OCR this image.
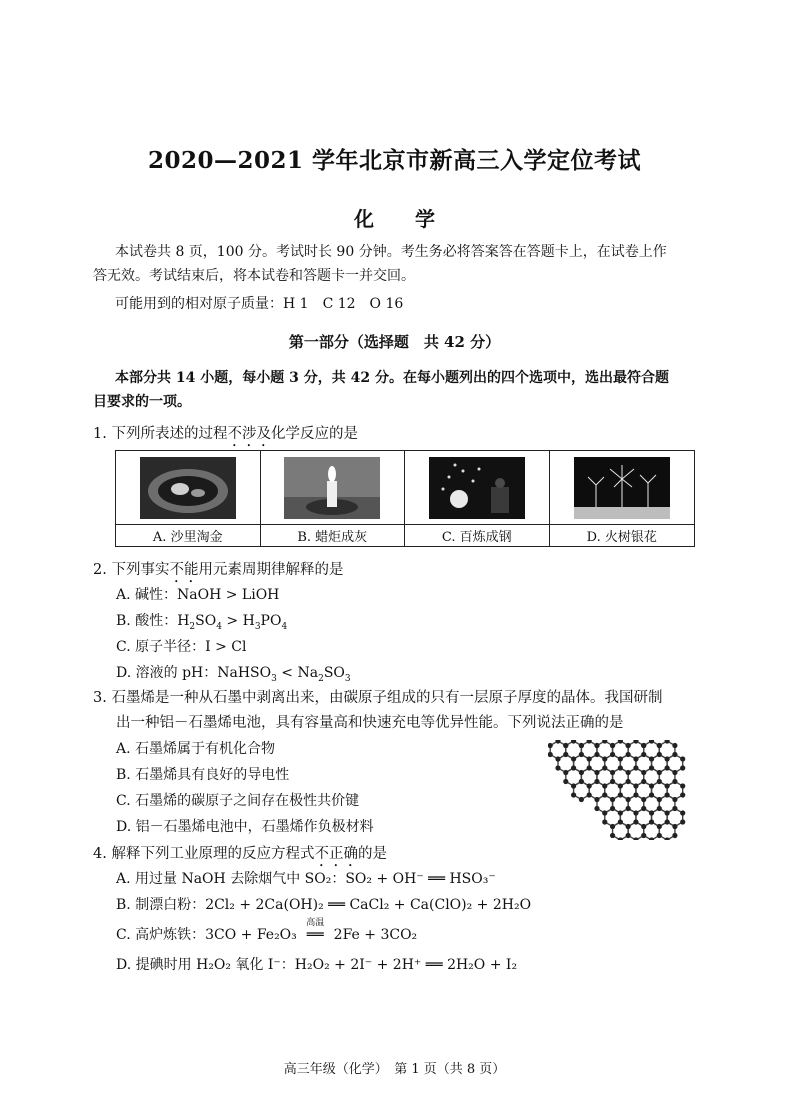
2020—2021 学年北京市新高三入学定位考试
化 学
本试卷共 8 页，100 分。考试时长 90 分钟。考生务必将答案答在答题卡上，在试卷上作
答无效。考试结束后，将本试卷和答题卡一并交回。
可能用到的相对原子质量：H 1　C 12　O 16
第一部分（选择题　共 42 分）
本部分共 14 小题，每小题 3 分，共 42 分。在每小题列出的四个选项中，选出最符合题
目要求的一项。
1. 下列所表述的过程不涉及化学反应的是
A. 沙里淘金	B. 蜡炬成灰	C. 百炼成钢	D. 火树银花
2. 下列事实不能用元素周期律解释的是
A. 碱性：NaOH > LiOH
B. 酸性：$H_2SO_4 > H_3PO_4$
C. 原子半径：I > Cl
D. 溶液的 pH：NaHSO$_3$ < $Na_2SO_3$
3. 石墨烯是一种从石墨中剥离出来，由碳原子组成的只有一层原子厚度的晶体。我国研制
出一种铝－石墨烯电池，具有容量高和快速充电等优异性能。下列说法正确的是
A. 石墨烯属于有机化合物
B. 石墨烯具有良好的导电性
C. 石墨烯的碳原子之间存在极性共价键
D. 铝－石墨烯电池中，石墨烯作负极材料
4. 解释下列工业原理的反应方程式不正确的是
A. 用过量 NaOH 去除烟气中 SO₂：SO₂ + OH⁻ ══ HSO₃⁻
B. 制漂白粉：2Cl₂ + 2Ca(OH)₂ ══ CaCl₂ + Ca(ClO)₂ + 2H₂O
C. 高炉炼铁：3CO + Fe₂O₃
高温
══ 2Fe + 3CO₂
D. 提碘时用 H₂O₂ 氧化 I⁻：H₂O₂ + 2I⁻ + 2H⁺ ══ 2H₂O + I₂
高三年级（化学）　第 1 页（共 8 页）
